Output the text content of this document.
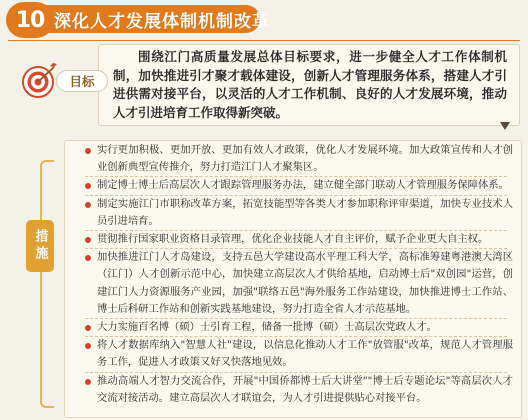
深化人才发展体制机制改革
10

围绕江门高质量发展总体目标要求，进一步健全人才工作体制机制，加快推进引才聚才载体建设，创新人才管理服务体系，搭建人才引进供需对接平台，以灵活的人才工作机制、良好的人才发展环境，推动人才引进培育工作取得新突破。

目标
措施
实行更加积极、更加开放、更加有效人才政策，优化人才发展环境。加大政策宣传和人才创业创新典型宣传推介，努力打造江门人才聚集区。
制定博士博士后高层次人才跟踪管理服务办法，建立健全部门联动人才管理服务保障体系。
制定实施江门市职称改革方案，拓宽技能型等各类人才参加职称评审渠道，加快专业技术人员引进培育。
贯彻推行国家职业资格目录管理，优化企业技能人才自主评价，赋予企业更大自主权。
加快推进江门人才岛建设，支持五邑大学建设高水平理工科大学，高标准筹建粤港澳大湾区（江门）人才创新示范中心，加快建立高层次人才供给基地，启动博士后"双创园"运营，创建江门人力资源服务产业园，加强"联络五邑"海外服务工作站建设，加快推进博士工作站、博士后科研工作站和创新实践基地建设，努力打造全省人才示范基地。
大力实施百名博（硕）士引育工程，储备一批博（硕）士高层次党政人才。
将人才数据库纳入"智慧人社"建设，以信息化推动人才工作"放管服"改革，规范人才管理服务工作，促进人才政策又好又快落地见效。
推动高端人才智力交流合作，开展"中国侨都博士后大讲堂""博士后专题论坛"等高层次人才交流对接活动。建立高层次人才联谊会，为人才引进提供贴心对接平台。
